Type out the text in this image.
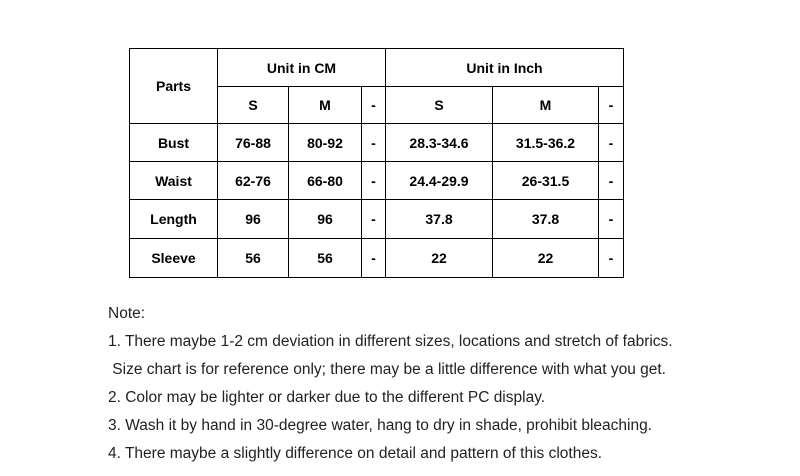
Parts	Unit in CM			Unit in Inch		
	S	M	-	S	M	-
Bust	76-88	80-92	-	28.3-34.6	31.5-36.2	-
Waist	62-76	66-80	-	24.4-29.9	26-31.5	-
Length	96	96	-	37.8	37.8	-
Sleeve	56	56	-	22	22	-
Note:
1. There maybe 1-2 cm deviation in different sizes, locations and stretch of fabrics.
Size chart is for reference only; there may be a little difference with what you get.
2. Color may be lighter or darker due to the different PC display.
3. Wash it by hand in 30-degree water, hang to dry in shade, prohibit bleaching.
4. There maybe a slightly difference on detail and pattern of this clothes.
